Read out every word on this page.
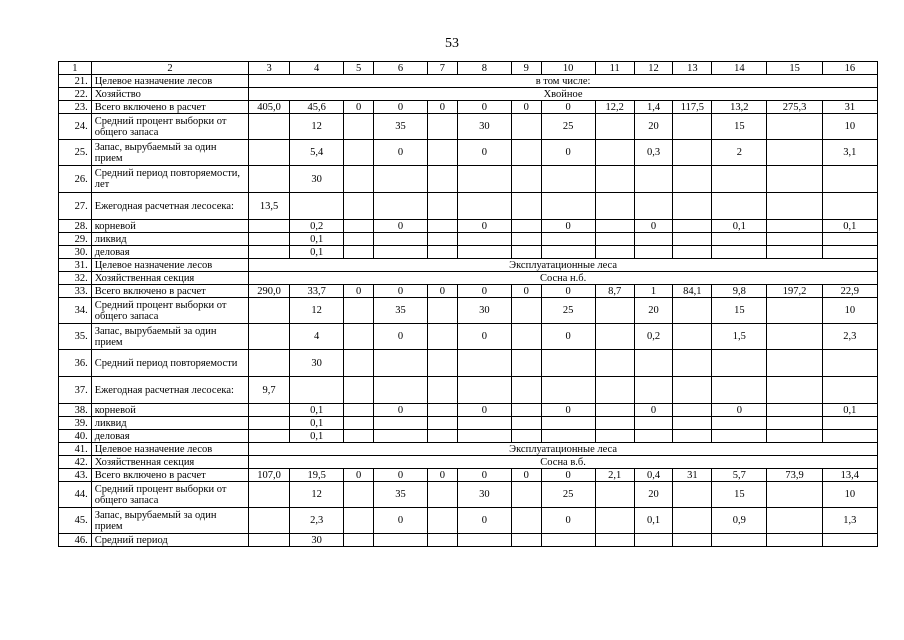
53
1	2	3	4	5	6	7	8	9	10	11	12	13	14	15	16
21.	Целевое назначение лесов	в том числе:													
22.	Хозяйство	Хвойное													
23.	Всего включено в расчет	405,0	45,6	0	0	0	0	0	0	12,2	1,4	117,5	13,2	275,3	31
24.	Средний процент выборки от общего запаса		12		35		30		25		20		15		10
25.	Запас, вырубаемый за один прием		5,4		0		0		0		0,3		2		3,1
26.	Средний период повторяемости, лет		30												
27.	Ежегодная расчетная лесосека:	13,5													
28.	корневой		0,2		0		0		0		0		0,1		0,1
29.	ликвид		0,1												
30.	деловая		0,1												
31.	Целевое назначение лесов	Эксплуатационные леса													
32.	Хозяйственная секция	Сосна н.б.													
33.	Всего включено в расчет	290,0	33,7	0	0	0	0	0	0	8,7	1	84,1	9,8	197,2	22,9
34.	Средний процент выборки от общего запаса		12		35		30		25		20		15		10
35.	Запас, вырубаемый за один прием		4		0		0		0		0,2		1,5		2,3
36.	Средний период повторяемости		30												
37.	Ежегодная расчетная лесосека:	9,7													
38.	корневой		0,1		0		0		0		0		0		0,1
39.	ликвид		0,1												
40.	деловая		0,1												
41.	Целевое назначение лесов	Эксплуатационные леса													
42.	Хозяйственная секция	Сосна в.б.													
43.	Всего включено в расчет	107,0	19,5	0	0	0	0	0	0	2,1	0,4	31	5,7	73,9	13,4
44.	Средний процент выборки от общего запаса		12		35		30		25		20		15		10
45.	Запас, вырубаемый за один прием		2,3		0		0		0		0,1		0,9		1,3
46.	Средний период		30												
